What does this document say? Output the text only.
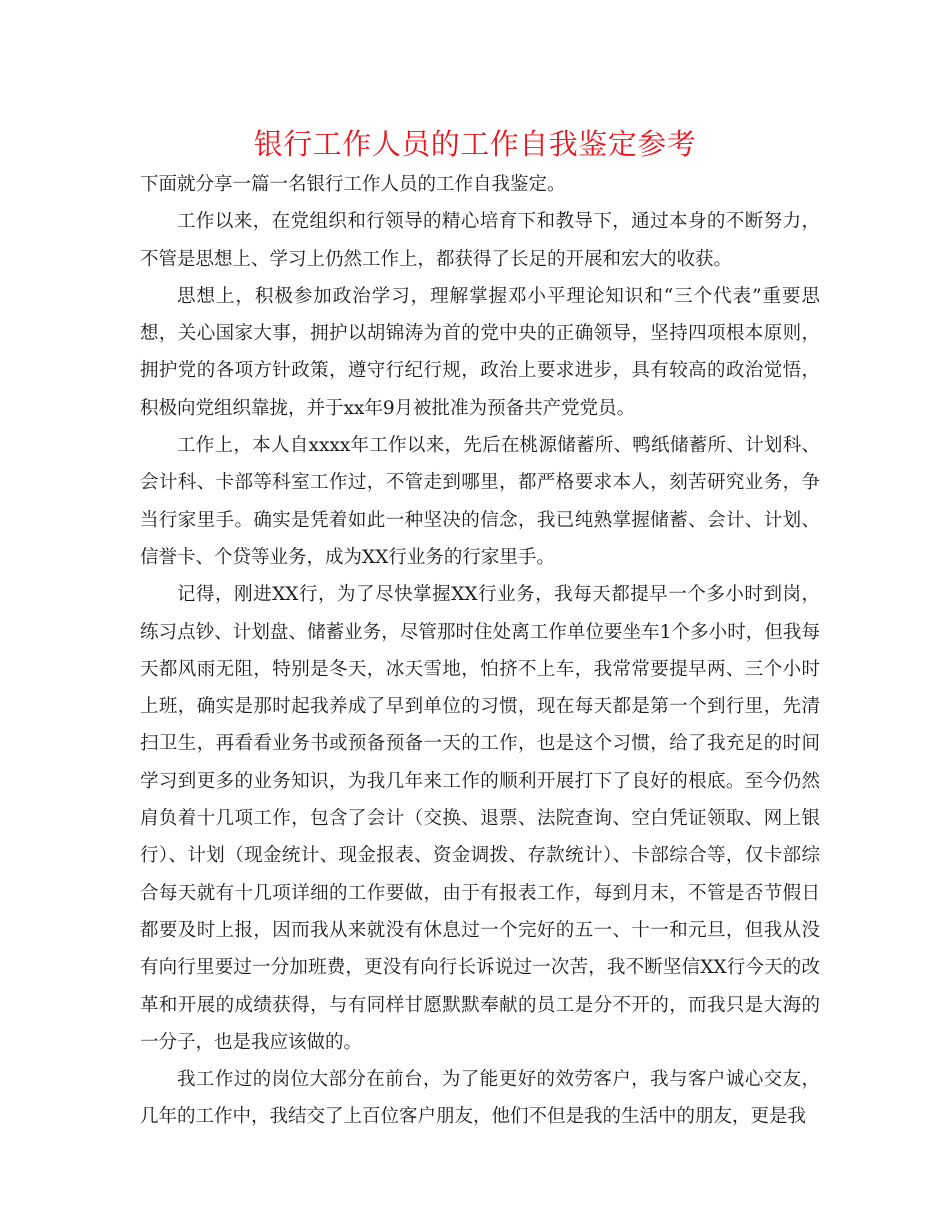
银行工作人员的工作自我鉴定参考

下面就分享一篇一名银行工作人员的工作自我鉴定。

工作以来，在党组织和行领导的精心培育下和教导下，通过本身的不断努力，不管是思想上、学习上仍然工作上，都获得了长足的开展和宏大的收获。

思想上，积极参加政治学习，理解掌握邓小平理论知识和“三个代表”重要思想，关心国家大事，拥护以胡锦涛为首的党中央的正确领导，坚持四项根本原则，拥护党的各项方针政策，遵守行纪行规，政治上要求进步，具有较高的政治觉悟，积极向党组织靠拢，并于xx年9月被批准为预备共产党党员。

工作上，本人自xxxx年工作以来，先后在桃源储蓄所、鸭纸储蓄所、计划科、会计科、卡部等科室工作过，不管走到哪里，都严格要求本人，刻苦研究业务，争当行家里手。确实是凭着如此一种坚决的信念，我已纯熟掌握储蓄、会计、计划、信誉卡、个贷等业务，成为XX行业务的行家里手。

记得，刚进XX行，为了尽快掌握XX行业务，我每天都提早一个多小时到岗，练习点钞、计划盘、储蓄业务，尽管那时住处离工作单位要坐车1个多小时，但我每天都风雨无阻，特别是冬天，冰天雪地，怕挤不上车，我常常要提早两、三个小时上班，确实是那时起我养成了早到单位的习惯，现在每天都是第一个到行里，先清扫卫生，再看看业务书或预备预备一天的工作，也是这个习惯，给了我充足的时间学习到更多的业务知识，为我几年来工作的顺利开展打下了良好的根底。至今仍然肩负着十几项工作，包含了会计（交换、退票、法院查询、空白凭证领取、网上银行）、计划（现金统计、现金报表、资金调拨、存款统计）、卡部综合等，仅卡部综合每天就有十几项详细的工作要做，由于有报表工作，每到月末，不管是否节假日都要及时上报，因而我从来就没有休息过一个完好的五一、十一和元旦，但我从没有向行里要过一分加班费，更没有向行长诉说过一次苦，我不断坚信XX行今天的改革和开展的成绩获得，与有同样甘愿默默奉献的员工是分不开的，而我只是大海的一分子，也是我应该做的。

我工作过的岗位大部分在前台，为了能更好的效劳客户，我与客户诚心交友，几年的工作中，我结交了上百位客户朋友，他们不但是我的生活中的朋友，更是我
